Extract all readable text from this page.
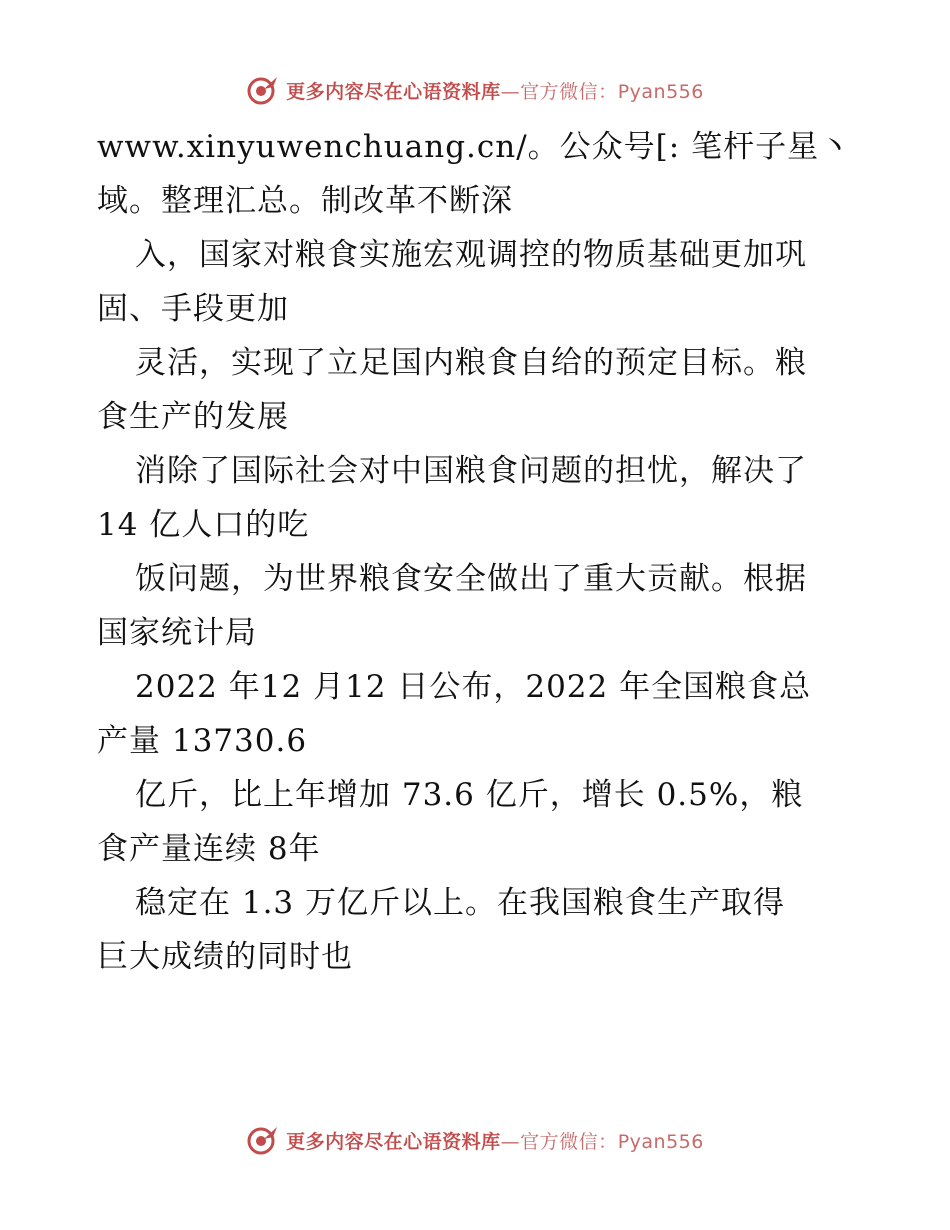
更多内容尽在心语资料库—官方微信：Pyan556
www.xinyuwenchuang.cn/。公众号[: 笔杆子星丶
域。整理汇总。制改革不断深
入，国家对粮食实施宏观调控的物质基础更加巩
固、手段更加
灵活，实现了立足国内粮食自给的预定目标。粮
食生产的发展
消除了国际社会对中国粮食问题的担忧，解决了
14 亿人口的吃
饭问题，为世界粮食安全做出了重大贡献。根据
国家统计局
2022 年12 月12 日公布，2022 年全国粮食总
产量 13730.6
亿斤，比上年增加 73.6 亿斤，增长 0.5%，粮
食产量连续 8年
稳定在 1.3 万亿斤以上。在我国粮食生产取得
巨大成绩的同时也
更多内容尽在心语资料库—官方微信：Pyan556
